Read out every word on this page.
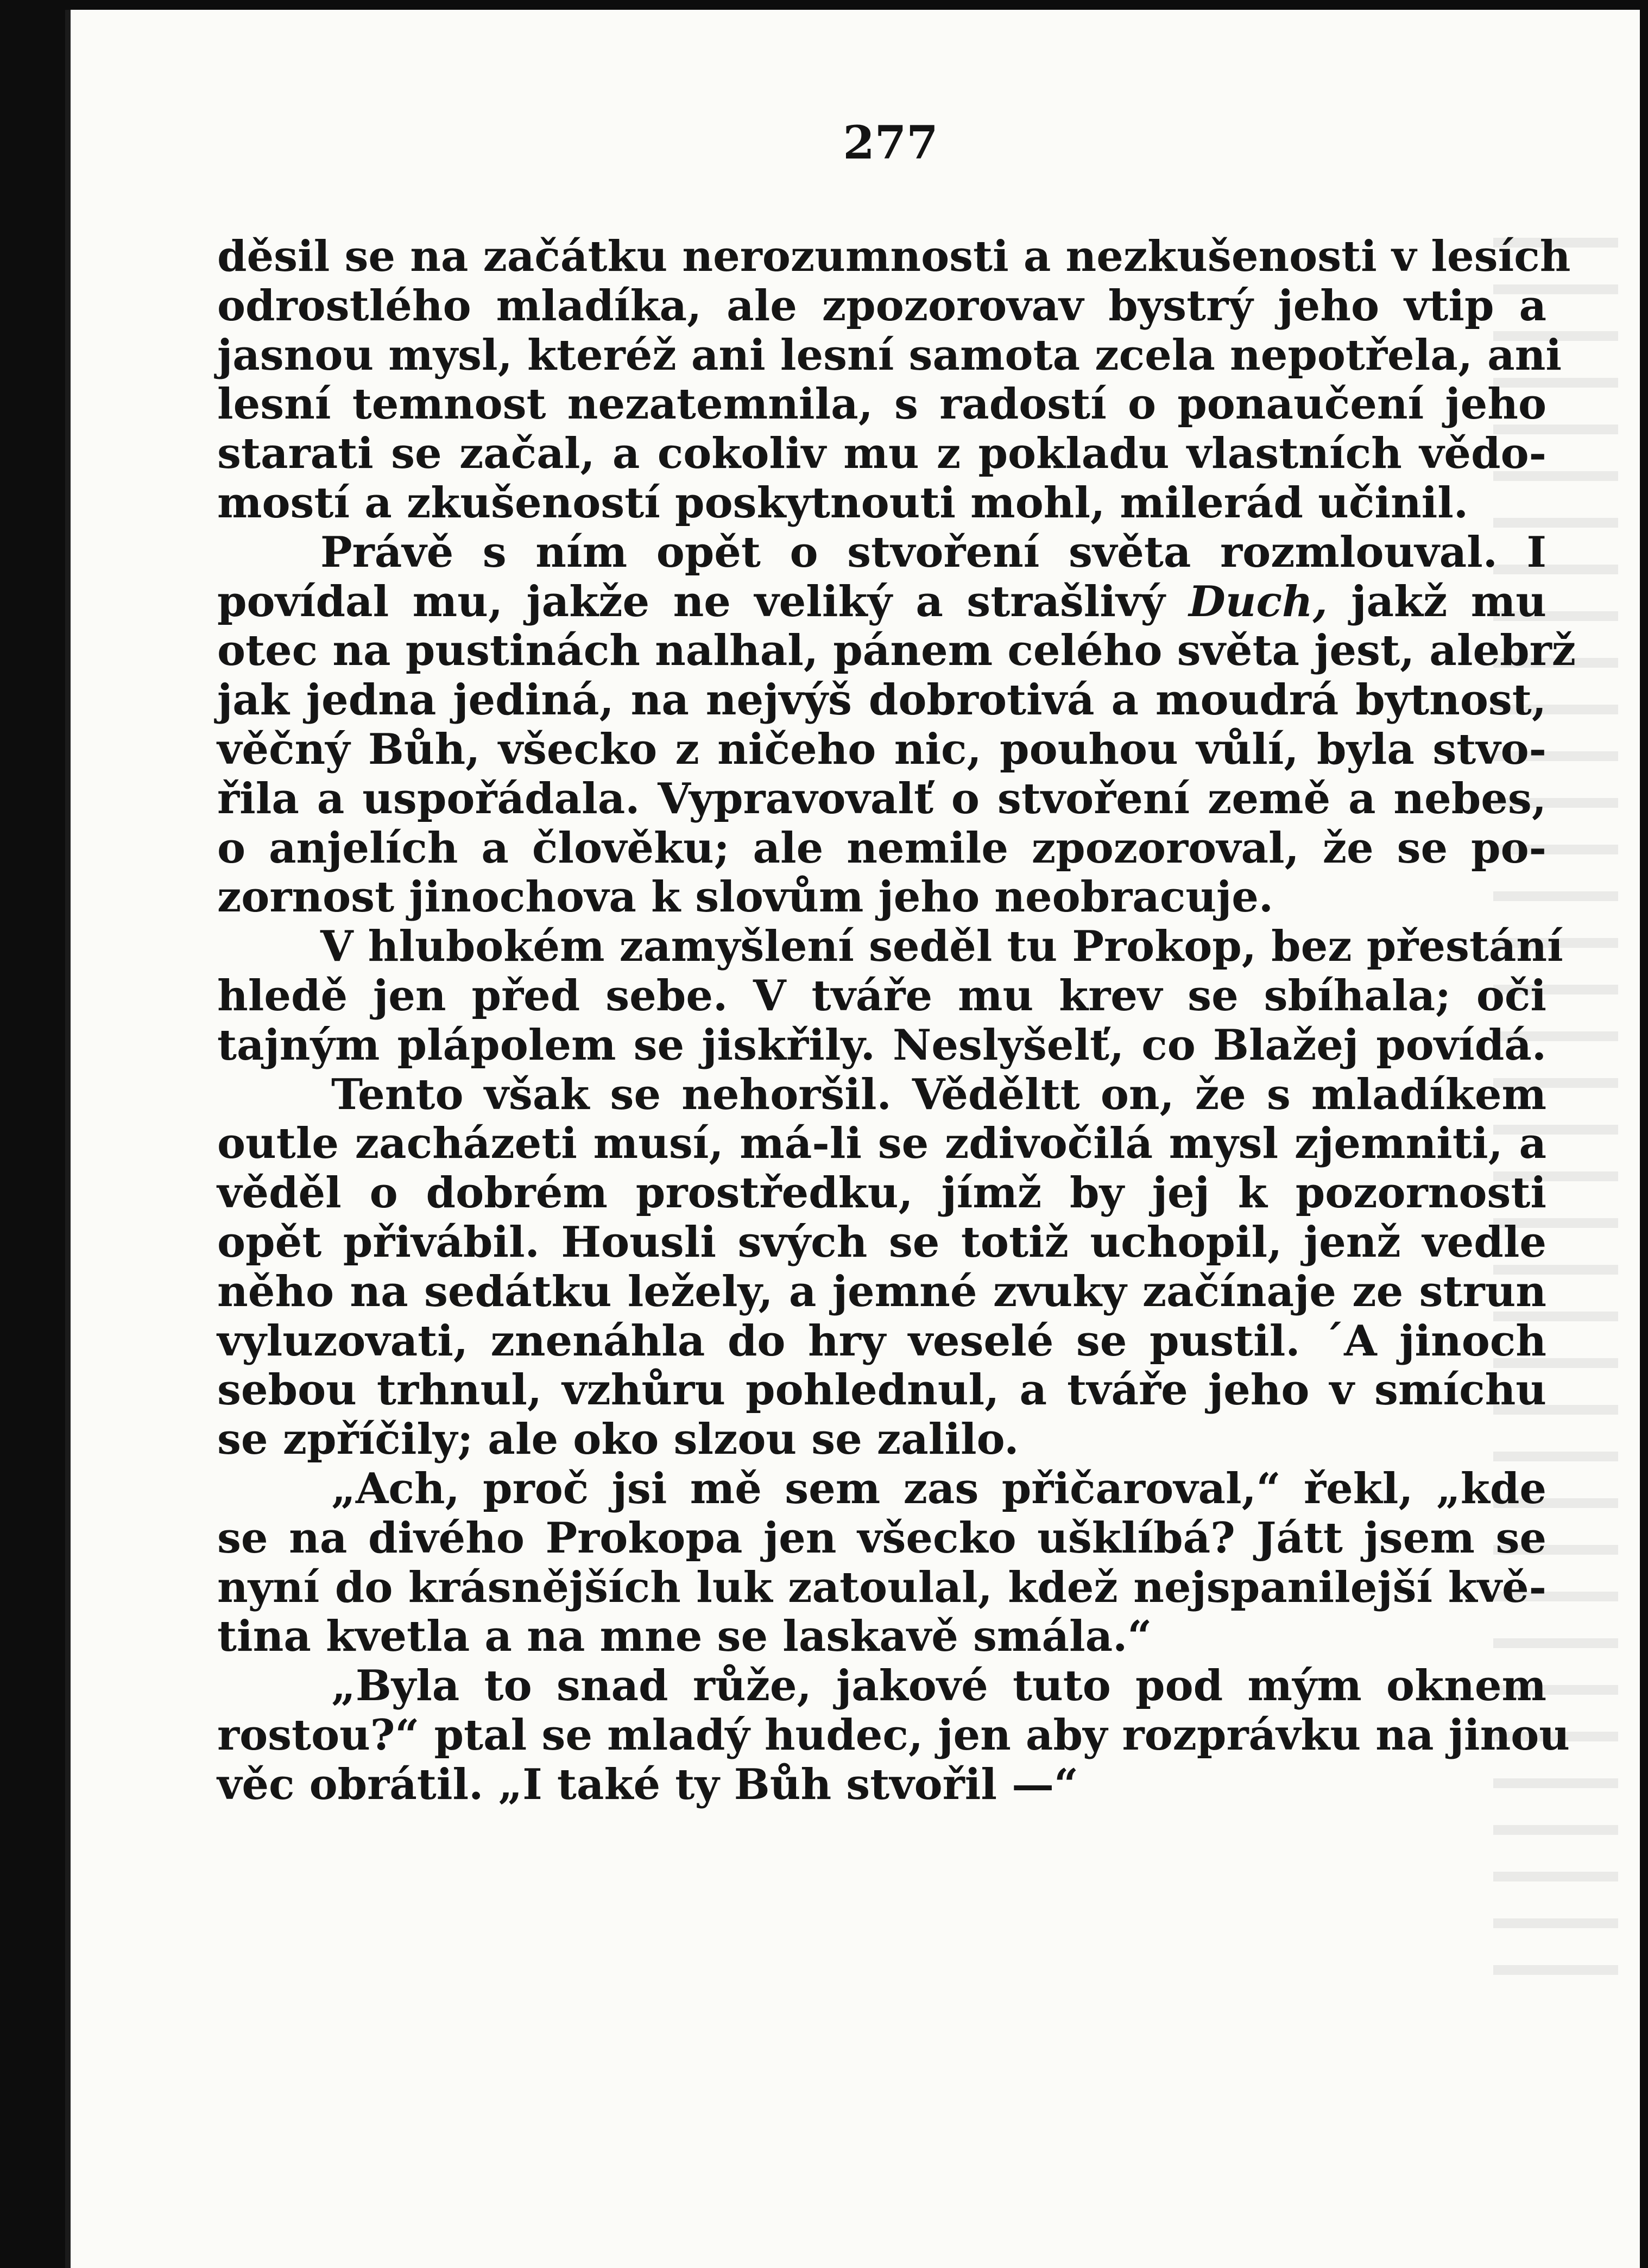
277
děsil se na začátku nerozumnosti a nezkušenosti v lesích
odrostlého mladíka, ale zpozorovav bystrý jeho vtip a
jasnou mysl, kteréž ani lesní samota zcela nepotřela, ani
lesní temnost nezatemnila, s radostí o ponaučení jeho
starati se začal, a cokoliv mu z pokladu vlastních vědo-
mostí a zkušeností poskytnouti mohl, milerád učinil.
Právě s ním opět o stvoření světa rozmlouval. I
povídal mu, jakže ne veliký a strašlivý Duch, jakž mu
otec na pustinách nalhal, pánem celého světa jest, alebrž
jak jedna jediná, na nejvýš dobrotivá a moudrá bytnost,
věčný Bůh, všecko z ničeho nic, pouhou vůlí, byla stvo-
řila a uspořádala. Vypravovalť o stvoření země a nebes,
o anjelích a člověku; ale nemile zpozoroval, že se po-
zornost jinochova k slovům jeho neobracuje.
V hlubokém zamyšlení seděl tu Prokop, bez přestání
hledě jen před sebe. V tváře mu krev se sbíhala; oči
tajným plápolem se jiskřily. Neslyšelť, co Blažej povídá.
Tento však se nehoršil. Věděltt on, že s mladíkem
outle zacházeti musí, má-li se zdivočilá mysl zjemniti, a
věděl o dobrém prostředku, jímž by jej k pozornosti
opět přivábil. Housli svých se totiž uchopil, jenž vedle
něho na sedátku ležely, a jemné zvuky začínaje ze strun
vyluzovati, znenáhla do hry veselé se pustil. ´A jinoch
sebou trhnul, vzhůru pohlednul, a tváře jeho v smíchu
se zpříčily; ale oko slzou se zalilo.
„Ach, proč jsi mě sem zas přičaroval,“ řekl, „kde
se na divého Prokopa jen všecko ušklíbá? Játt jsem se
nyní do krásnějších luk zatoulal, kdež nejspanilejší kvě-
tina kvetla a na mne se laskavě smála.“
„Byla to snad růže, jakové tuto pod mým oknem
rostou?“ ptal se mladý hudec, jen aby rozprávku na jinou
věc obrátil. „I také ty Bůh stvořil —“
